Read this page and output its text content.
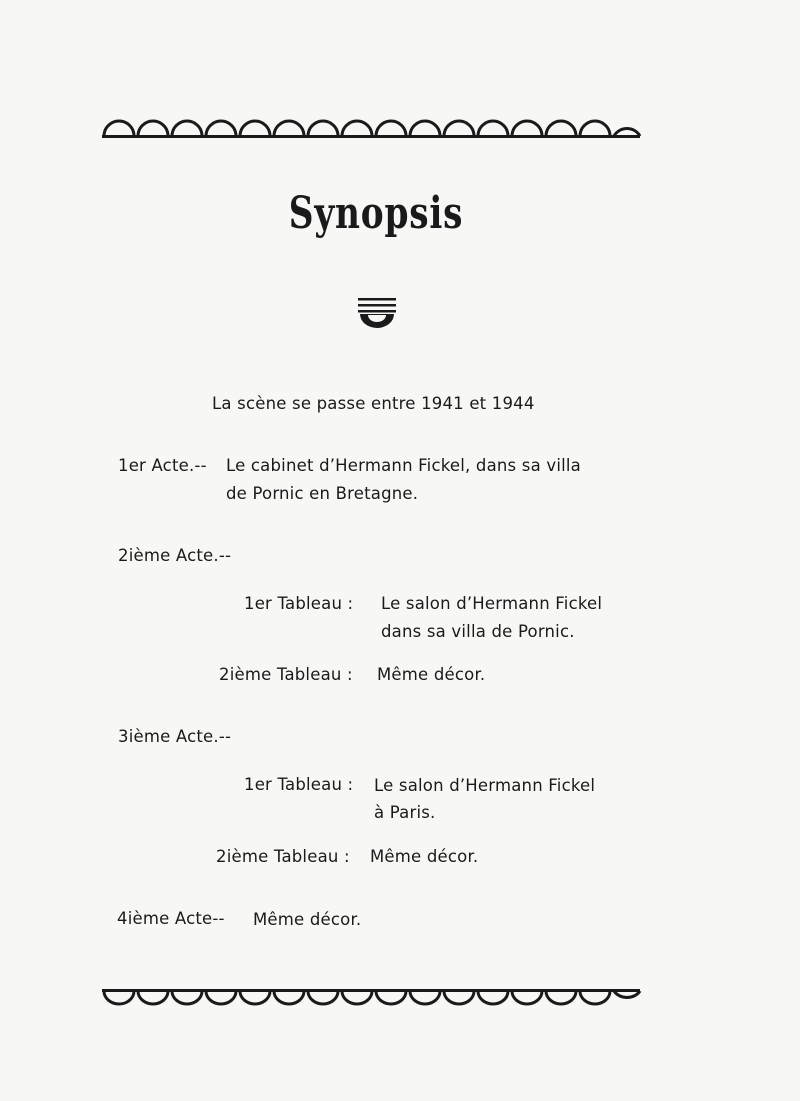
Synopsis
La scène se passe entre 1941 et 1944
1er Acte.-- Le cabinet d’Hermann Fickel, dans sa villa
de Pornic en Bretagne.
2ième Acte.--
1er Tableau : Le salon d’Hermann Fickel
dans sa villa de Pornic.
2ième Tableau : Même décor.
3ième Acte.--
1er Tableau : Le salon d’Hermann Fickel
à Paris.
2ième Tableau : Même décor.
4ième Acte-- Même décor.
